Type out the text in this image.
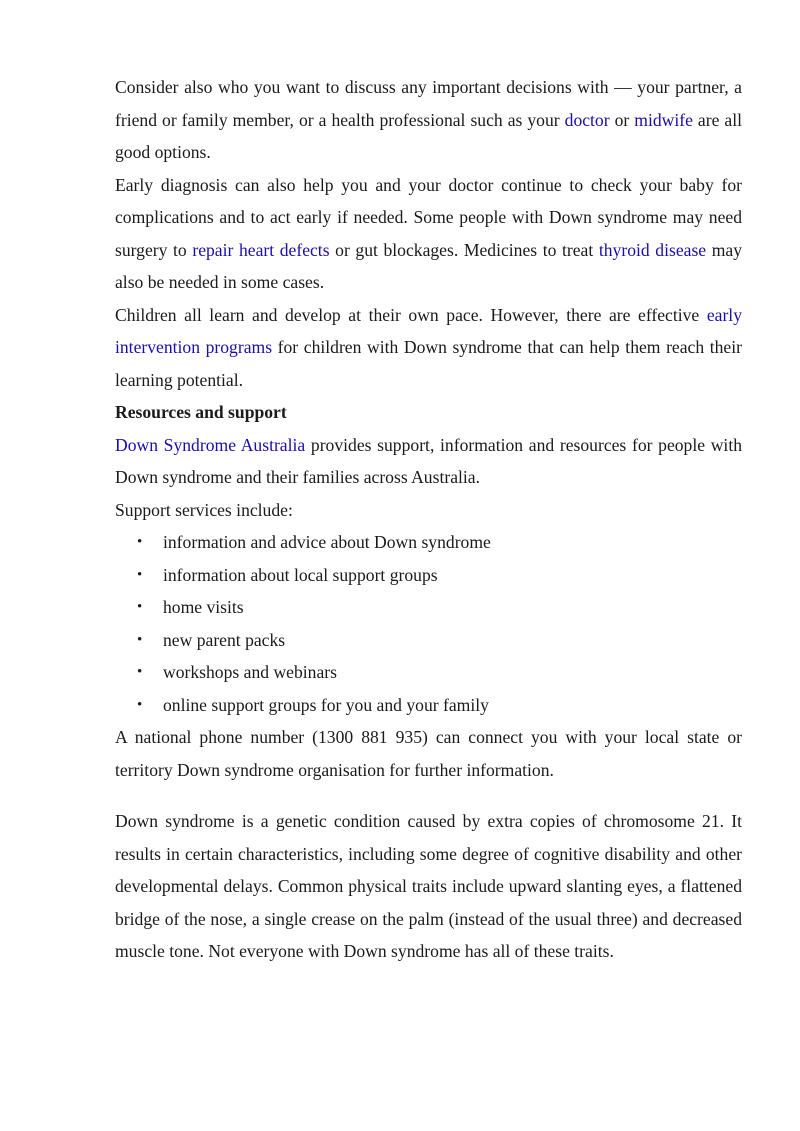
Consider also who you want to discuss any important decisions with — your partner, a friend or family member, or a health professional such as your doctor or midwife are all good options.

Early diagnosis can also help you and your doctor continue to check your baby for complications and to act early if needed. Some people with Down syndrome may need surgery to repair heart defects or gut blockages. Medicines to treat thyroid disease may also be needed in some cases.

Children all learn and develop at their own pace. However, there are effective early intervention programs for children with Down syndrome that can help them reach their learning potential.

Resources and support

Down Syndrome Australia provides support, information and resources for people with Down syndrome and their families across Australia.

Support services include:

• information and advice about Down syndrome
• information about local support groups
• home visits
• new parent packs
• workshops and webinars
• online support groups for you and your family

A national phone number (1300 881 935) can connect you with your local state or territory Down syndrome organisation for further information.

Down syndrome is a genetic condition caused by extra copies of chromosome 21. It results in certain characteristics, including some degree of cognitive disability and other developmental delays. Common physical traits include upward slanting eyes, a flattened bridge of the nose, a single crease on the palm (instead of the usual three) and decreased muscle tone. Not everyone with Down syndrome has all of these traits.
